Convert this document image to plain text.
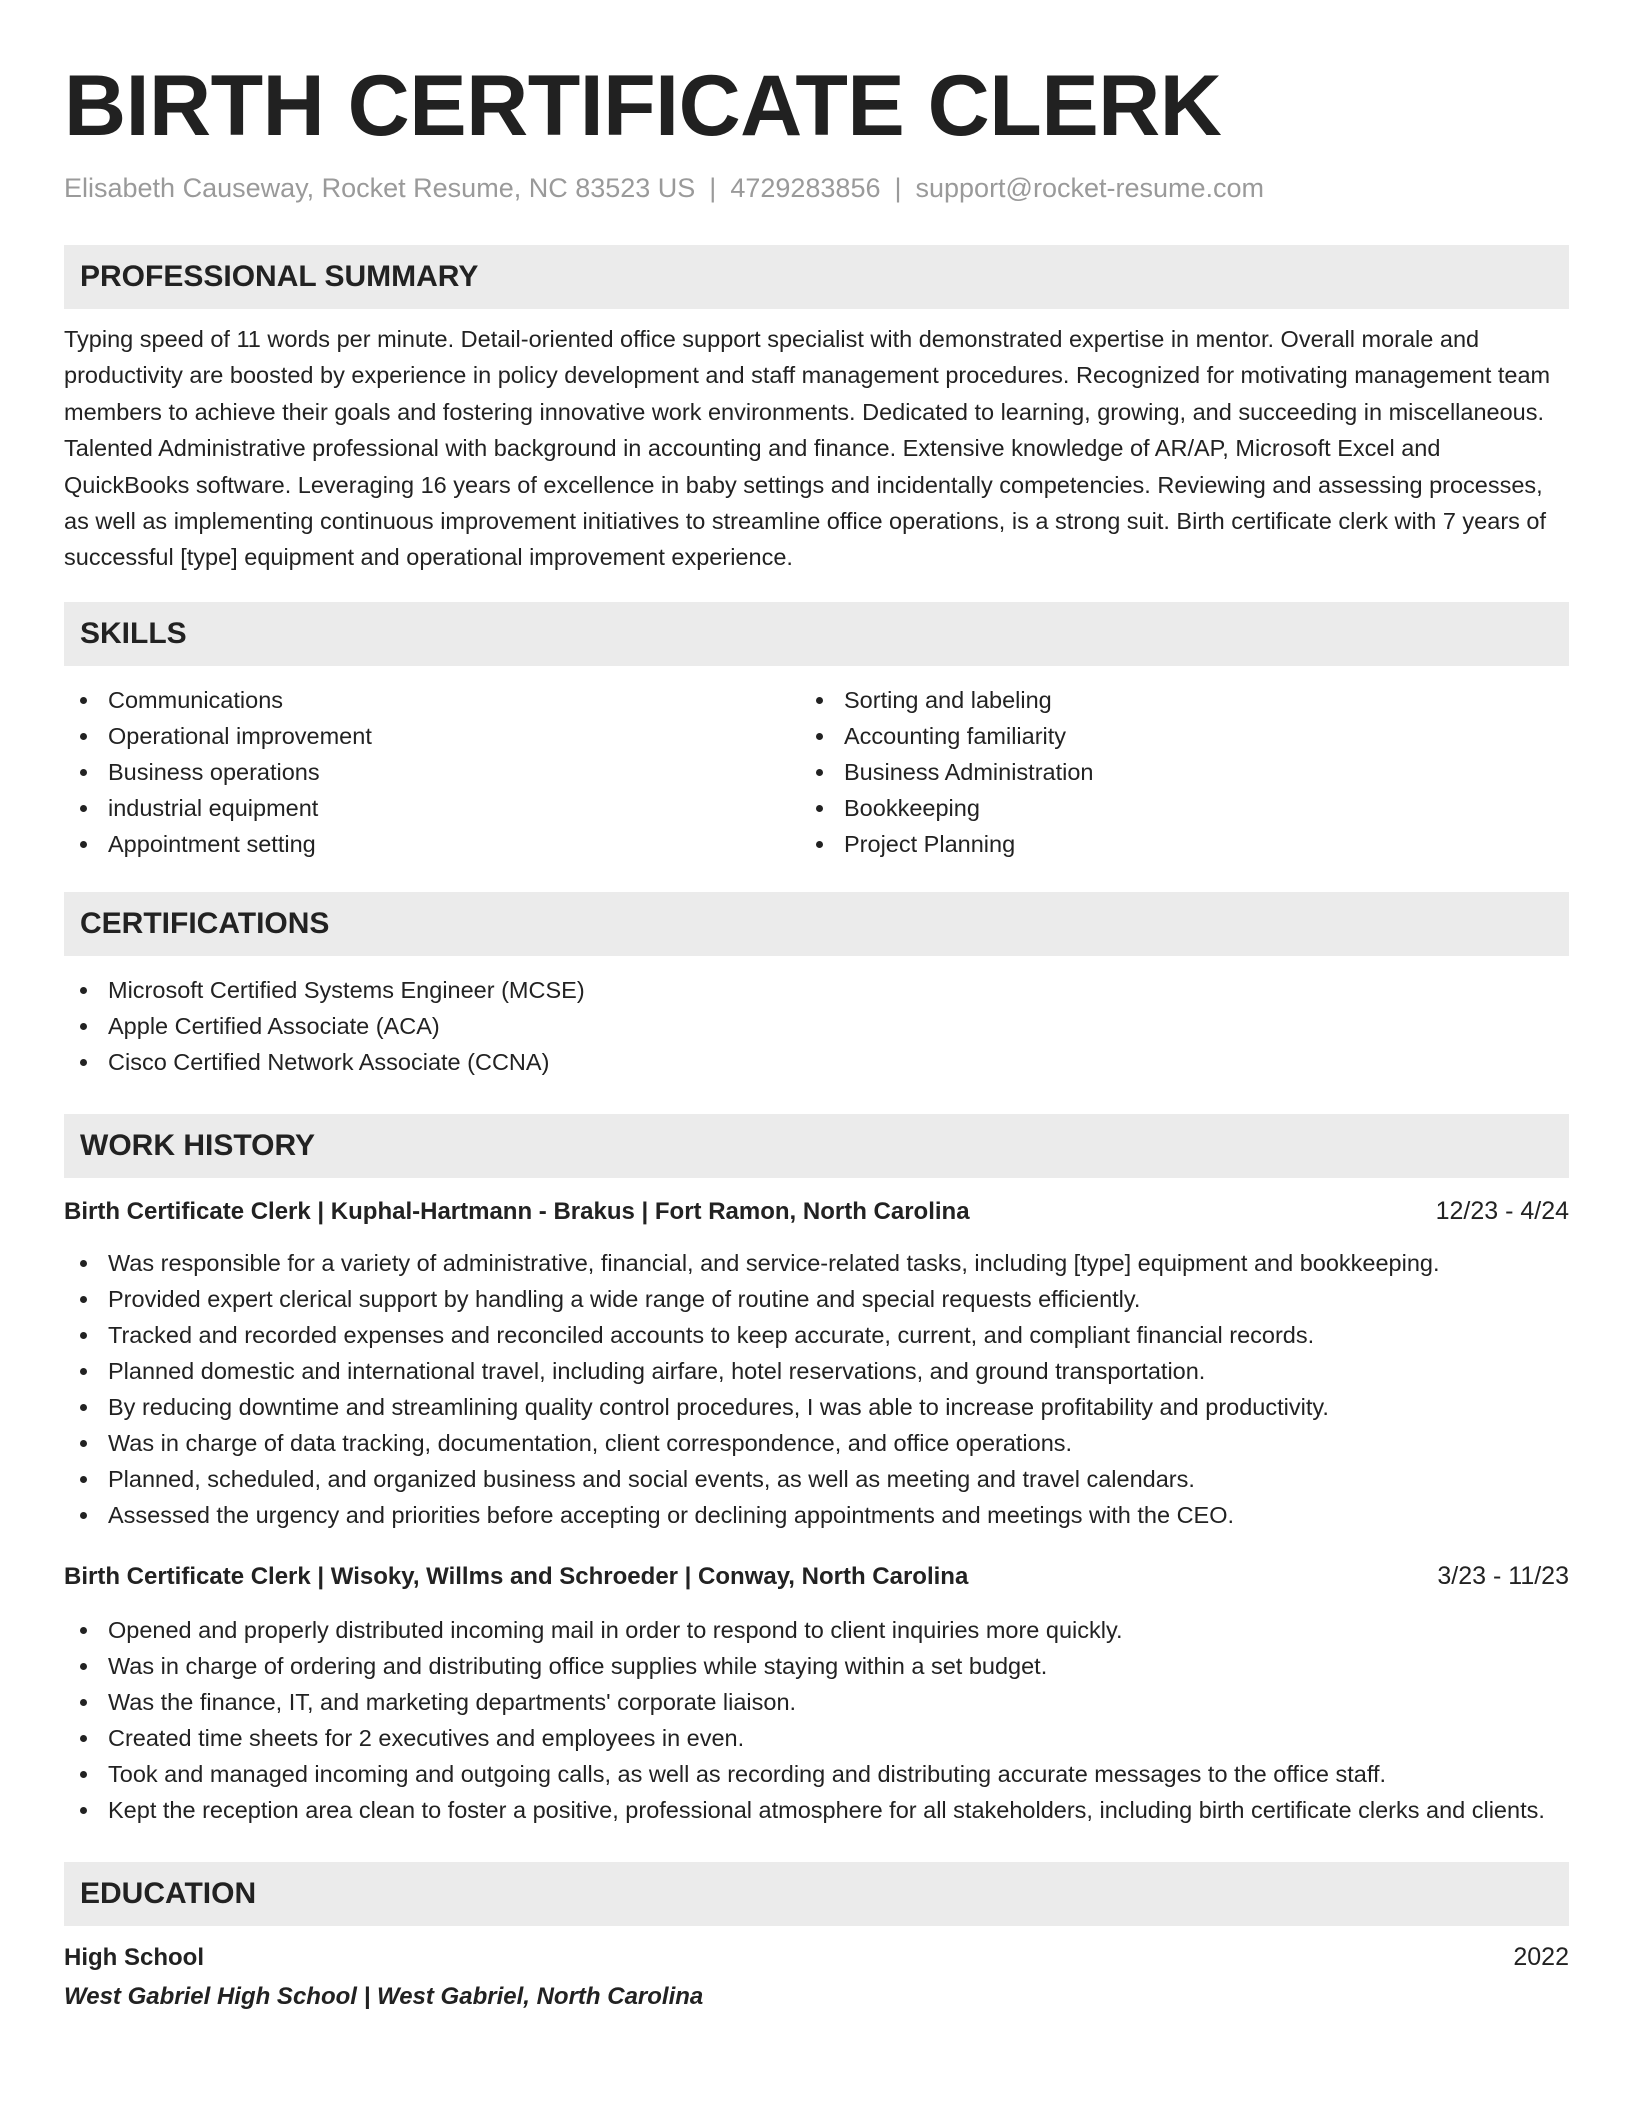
BIRTH CERTIFICATE CLERK
Elisabeth Causeway, Rocket Resume, NC 83523 US | 4729283856 | support@rocket-resume.com
PROFESSIONAL SUMMARY

Typing speed of 11 words per minute. Detail-oriented office support specialist with demonstrated expertise in mentor. Overall morale and productivity are boosted by experience in policy development and staff management procedures. Recognized for motivating management team members to achieve their goals and fostering innovative work environments. Dedicated to learning, growing, and succeeding in miscellaneous. Talented Administrative professional with background in accounting and finance. Extensive knowledge of AR/AP, Microsoft Excel and QuickBooks software. Leveraging 16 years of excellence in baby settings and incidentally competencies. Reviewing and assessing processes, as well as implementing continuous improvement initiatives to streamline office operations, is a strong suit. Birth certificate clerk with 7 years of successful [type] equipment and operational improvement experience.

SKILLS
Communications
Operational improvement
Business operations
industrial equipment
Appointment setting
Sorting and labeling
Accounting familiarity
Business Administration
Bookkeeping
Project Planning
CERTIFICATIONS
Microsoft Certified Systems Engineer (MCSE)
Apple Certified Associate (ACA)
Cisco Certified Network Associate (CCNA)
WORK HISTORY
Birth Certificate Clerk | Kuphal-Hartmann - Brakus | Fort Ramon, North Carolina	12/23 - 4/24
Was responsible for a variety of administrative, financial, and service-related tasks, including [type] equipment and bookkeeping.
Provided expert clerical support by handling a wide range of routine and special requests efficiently.
Tracked and recorded expenses and reconciled accounts to keep accurate, current, and compliant financial records.
Planned domestic and international travel, including airfare, hotel reservations, and ground transportation.
By reducing downtime and streamlining quality control procedures, I was able to increase profitability and productivity.
Was in charge of data tracking, documentation, client correspondence, and office operations.
Planned, scheduled, and organized business and social events, as well as meeting and travel calendars.
Assessed the urgency and priorities before accepting or declining appointments and meetings with the CEO.
Birth Certificate Clerk | Wisoky, Willms and Schroeder | Conway, North Carolina	3/23 - 11/23
Opened and properly distributed incoming mail in order to respond to client inquiries more quickly.
Was in charge of ordering and distributing office supplies while staying within a set budget.
Was the finance, IT, and marketing departments' corporate liaison.
Created time sheets for 2 executives and employees in even.
Took and managed incoming and outgoing calls, as well as recording and distributing accurate messages to the office staff.
Kept the reception area clean to foster a positive, professional atmosphere for all stakeholders, including birth certificate clerks and clients.
EDUCATION
High School	2022
West Gabriel High School | West Gabriel, North Carolina
